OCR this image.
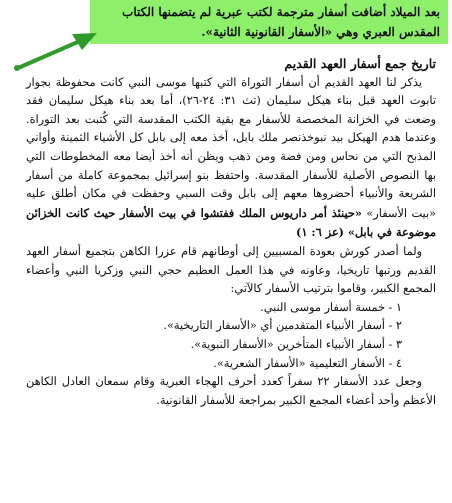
بعد الميلاد أضافت أسفار مترجمة لكتب عبرية لم يتضمنها الكتاب المقدس العبري وهي «الأسفار القانونية الثانية».

تاريخ جمع أسفار العهد القديم

يذكر لنا العهد القديم أن أسفار التوراة التي كتبها موسى النبي كانت محفوظة بجوار تابوت العهد قبل بناء هيكل سليمان (تث ٣١: ٢٤-٢٦)، أما بعد بناء هيكل سليمان فقد وضعت في الخزانة المخصصة للأسفار مع بقية الكتب المقدسة التي كُتبت بعد التوراة. وعندما هدم الهيكل بيد نبوخذنصر ملك بابل، أخذ معه إلى بابل كل الأشياء الثمينة وأواني المذبح التي من نحاس ومن فضة ومن ذهب ويظن أنه أخذ أيضا معه المخطوطات التي بها النصوص الأصلية للأسفار المقدسة. واحتفظ بنو إسرائيل بمجموعة كاملة من أسفار الشريعة والأنبياء أحضروها معهم إلى بابل وقت السبي وحفظت في مكان أطلق عليه «بيت الأسفار» «حينئذ أمر داريوس الملك ففتشوا في بيت الأسفار حيث كانت الخزائن موضوعة في بابل» (عز ٦: ١)

ولما أصدر كورش بعودة المسبيين إلى أوطانهم قام عزرا الكاهن بتجميع أسفار العهد القديم ورتبها تاريخيا، وعاونه في هذا العمل العظيم حجي النبي وزكريا النبي وأعضاء المجمع الكبير، وقاموا بترتيب الأسفار كالآتي:

١ - خمسة أسفار موسى النبي.
٢ - أسفار الأنبياء المتقدمين أي «الأسفار التاريخية».
٣ - أسفار الأنبياء المتأخرين «الأسفار النبوية».
٤ - الأسفار التعليمية «الأسفار الشعرية».

وجعل عدد الأسفار ٢٢ سفراً كعدد أحرف الهجاء العبرية وقام سمعان العادل الكاهن الأعظم وأحد أعضاء المجمع الكبير بمراجعة للأسفار القانونية.
